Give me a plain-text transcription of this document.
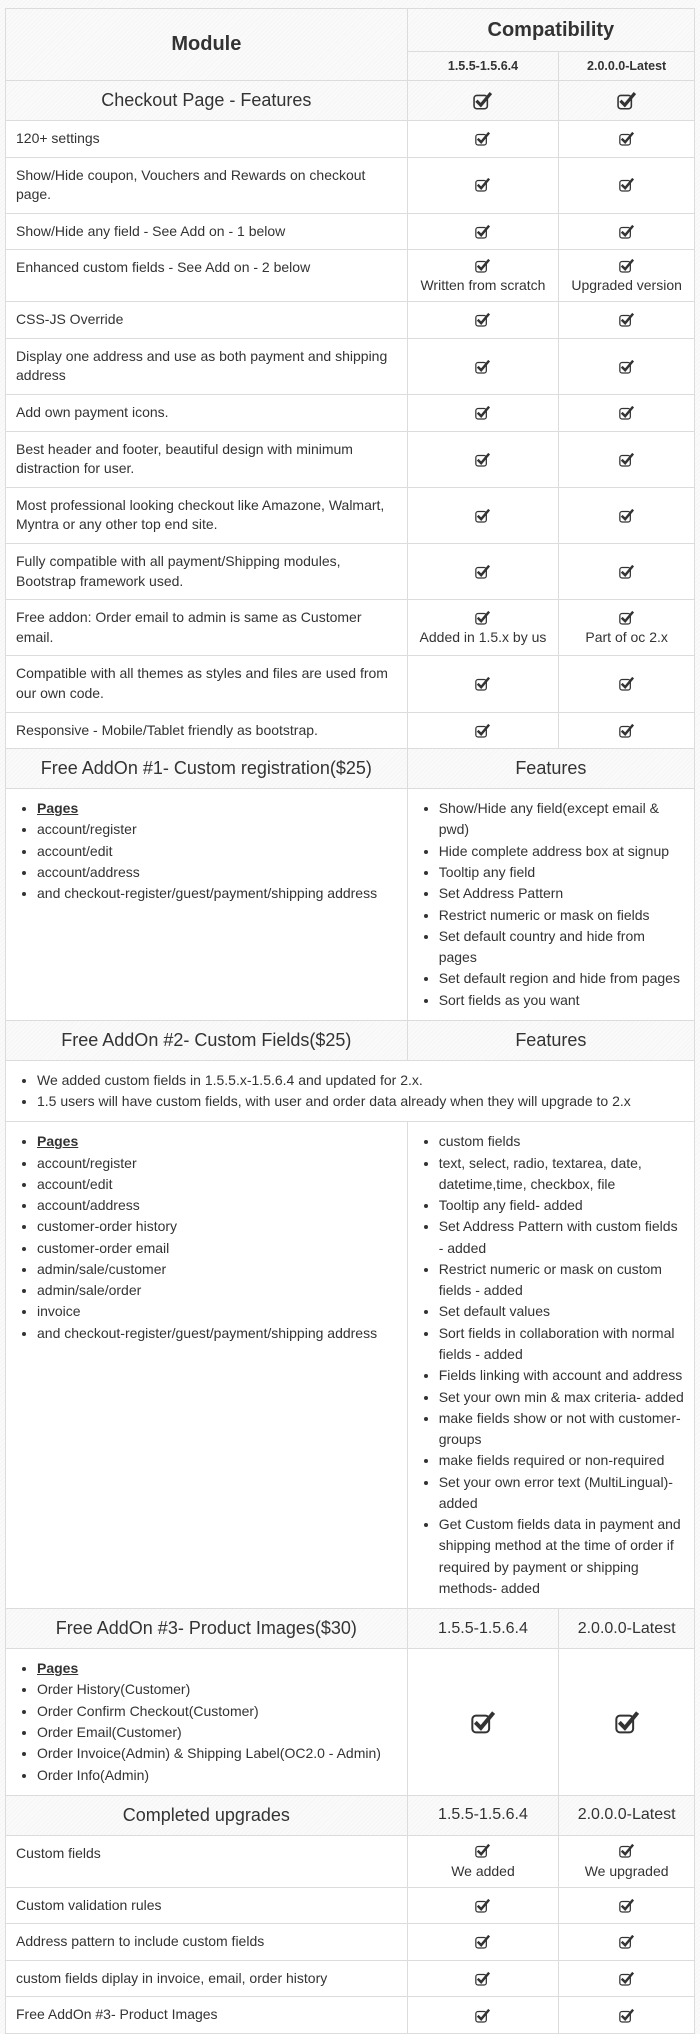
Module	Compatibility	
	1.5.5-1.5.6.4	2.0.0.0-Latest
Checkout Page - Features		
120+ settings		
Show/Hide coupon, Vouchers and Rewards on checkout page.		
Show/Hide any field - See Add on - 1 below		
Enhanced custom fields - See Add on - 2 below	Written from scratch	Upgraded version

CSS-JS Override		
Display one address and use as both payment and shipping address		
Add own payment icons.		
Best header and footer, beautiful design with minimum distraction for user.		
Most professional looking checkout like Amazone, Walmart, Myntra or any other top end site.		
Fully compatible with all payment/Shipping modules, Bootstrap framework used.		
Free addon: Order email to admin is same as Customer email.	Added in 1.5.x by us	Part of oc 2.x

Compatible with all themes as styles and files are used from our own code.		
Responsive - Mobile/Tablet friendly as bootstrap.		
Free AddOn #1- Custom registration($25)	Features	

• Pages
• account/register
• account/edit
• account/address
• and checkout-register/guest/payment/shipping address

• Show/Hide any field(except email & pwd)
• Hide complete address box at signup
• Tooltip any field
• Set Address Pattern
• Restrict numeric or mask on fields
• Set default country and hide from pages
• Set default region and hide from pages
• Sort fields as you want

Free AddOn #2- Custom Fields($25)	Features	

• We added custom fields in 1.5.5.x-1.5.6.4 and updated for 2.x.
• 1.5 users will have custom fields, with user and order data already when they will upgrade to 2.x

• Pages
• account/register
• account/edit
• account/address
• customer-order history
• customer-order email
• admin/sale/customer
• admin/sale/order
• invoice
• and checkout-register/guest/payment/shipping address

• custom fields
• text, select, radio, textarea, date, datetime,time, checkbox, file
• Tooltip any field- added
• Set Address Pattern with custom fields - added
• Restrict numeric or mask on custom fields - added
• Set default values
• Sort fields in collaboration with normal fields - added
• Fields linking with account and address
• Set your own min & max criteria- added
• make fields show or not with customer-groups
• make fields required or non-required
• Set your own error text (MultiLingual)- added
• Get Custom fields data in payment and shipping method at the time of order if required by payment or shipping methods- added

Free AddOn #3- Product Images($30)	1.5.5-1.5.6.4	2.0.0.0-Latest

• Pages
• Order History(Customer)
• Order Confirm Checkout(Customer)
• Order Email(Customer)
• Order Invoice(Admin) & Shipping Label(OC2.0 - Admin)
• Order Info(Admin)

Completed upgrades	1.5.5-1.5.6.4	2.0.0.0-Latest
Custom fields	We added	We upgraded

Custom validation rules		
Address pattern to include custom fields		
custom fields diplay in invoice, email, order history		
Free AddOn #3- Product Images		
